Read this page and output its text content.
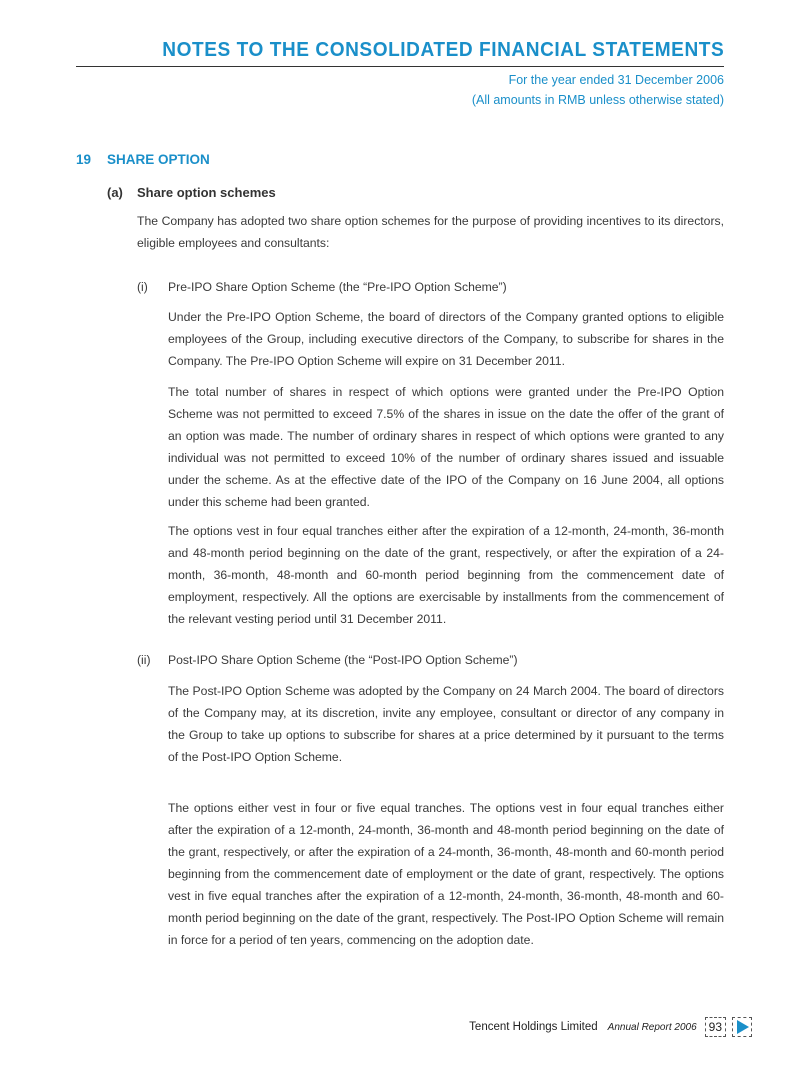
NOTES TO THE CONSOLIDATED FINANCIAL STATEMENTS
For the year ended 31 December 2006
(All amounts in RMB unless otherwise stated)
19 SHARE OPTION
(a) Share option schemes

The Company has adopted two share option schemes for the purpose of providing incentives to its directors, eligible employees and consultants:

(i) Pre-IPO Share Option Scheme (the “Pre-IPO Option Scheme”)

Under the Pre-IPO Option Scheme, the board of directors of the Company granted options to eligible employees of the Group, including executive directors of the Company, to subscribe for shares in the Company. The Pre-IPO Option Scheme will expire on 31 December 2011.

The total number of shares in respect of which options were granted under the Pre-IPO Option Scheme was not permitted to exceed 7.5% of the shares in issue on the date the offer of the grant of an option was made. The number of ordinary shares in respect of which options were granted to any individual was not permitted to exceed 10% of the number of ordinary shares issued and issuable under the scheme. As at the effective date of the IPO of the Company on 16 June 2004, all options under this scheme had been granted.

The options vest in four equal tranches either after the expiration of a 12-month, 24-month, 36-month and 48-month period beginning on the date of the grant, respectively, or after the expiration of a 24-month, 36-month, 48-month and 60-month period beginning from the commencement date of employment, respectively. All the options are exercisable by installments from the commencement of the relevant vesting period until 31 December 2011.

(ii) Post-IPO Share Option Scheme (the “Post-IPO Option Scheme”)

The Post-IPO Option Scheme was adopted by the Company on 24 March 2004. The board of directors of the Company may, at its discretion, invite any employee, consultant or director of any company in the Group to take up options to subscribe for shares at a price determined by it pursuant to the terms of the Post-IPO Option Scheme.

The options either vest in four or five equal tranches. The options vest in four equal tranches either after the expiration of a 12-month, 24-month, 36-month and 48-month period beginning on the date of the grant, respectively, or after the expiration of a 24-month, 36-month, 48-month and 60-month period beginning from the commencement date of employment or the date of grant, respectively. The options vest in five equal tranches after the expiration of a 12-month, 24-month, 36-month, 48-month and 60-month period beginning on the date of the grant, respectively. The Post-IPO Option Scheme will remain in force for a period of ten years, commencing on the adoption date.

Tencent Holdings Limited Annual Report 2006	93
